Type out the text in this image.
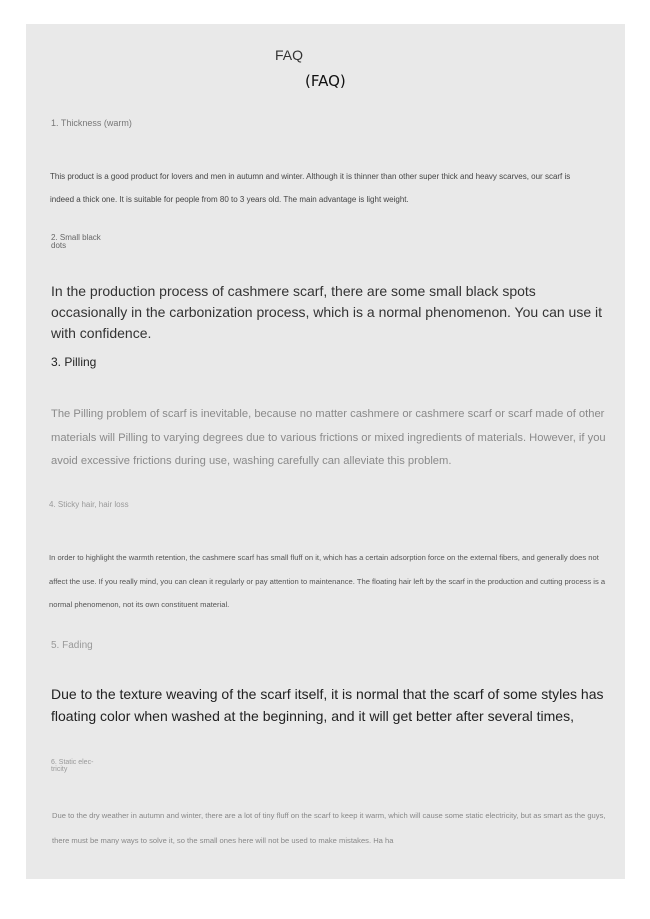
FAQ
(FAQ)
1. Thickness (warm)

This product is a good product for lovers and men in autumn and winter. Although it is thinner than other super thick and heavy scarves, our scarf is indeed a thick one. It is suitable for people from 80 to 3 years old. The main advantage is light weight.

2. Small black
dots

In the production process of cashmere scarf, there are some small black spots occasionally in the carbonization process, which is a normal phenomenon. You can use it with confidence.

3. Pilling

The Pilling problem of scarf is inevitable, because no matter cashmere or cashmere scarf or scarf made of other materials will Pilling to varying degrees due to various frictions or mixed ingredients of materials. However, if you avoid excessive frictions during use, washing carefully can alleviate this problem.

4. Sticky hair, hair loss

In order to highlight the warmth retention, the cashmere scarf has small fluff on it, which has a certain adsorption force on the external fibers, and generally does not affect the use. If you really mind, you can clean it regularly or pay attention to maintenance. The floating hair left by the scarf in the production and cutting process is a normal phenomenon, not its own constituent material.

5. Fading

Due to the texture weaving of the scarf itself, it is normal that the scarf of some styles has floating color when washed at the beginning, and it will get better after several times,

6. Static elec-
tricity

Due to the dry weather in autumn and winter, there are a lot of tiny fluff on the scarf to keep it warm, which will cause some static electricity, but as smart as the guys, there must be many ways to solve it, so the small ones here will not be used to make mistakes. Ha ha
